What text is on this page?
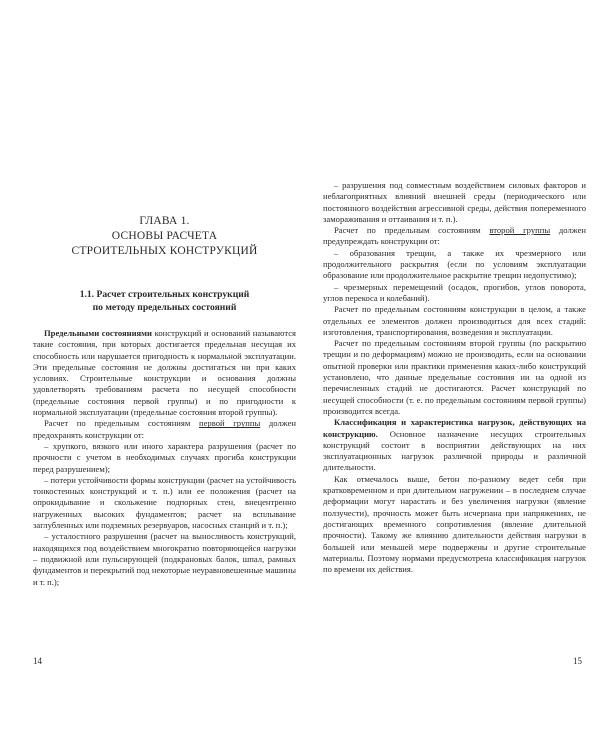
ГЛАВА 1.
ОСНОВЫ РАСЧЕТА
СТРОИТЕЛЬНЫХ КОНСТРУКЦИЙ
1.1. Расчет строительных конструкций
по методу предельных состояний

Предельными состояниями конструкций и оснований называются такие состояния, при которых достигается предельная несущая их способность или нарушается пригодность к нормальной эксплуатации. Эти предельные состояния не должны достигаться ни при каких условиях. Строительные конструкции и основания должны удовлетворять требованиям расчета по несущей способности (предельные состояния первой группы) и по пригодности к нормальной эксплуатации (предельные состояния второй группы).

Расчет по предельным состояниям первой группы должен предохранять конструкции от:

– хрупкого, вязкого или иного характера разрушения (расчет по прочности с учетом в необходимых случаях прогиба конструкции перед разрушением);

– потери устойчивости формы конструкции (расчет на устойчивость тонкостенных конструкций и т. п.) или ее положения (расчет на опрокидывание и скольжение подпорных стен, внецентренно нагруженных высоких фундаментов; расчет на всплывание заглубленных или подземных резервуаров, насосных станций и т. п.);

– усталостного разрушения (расчет на выносливость конструкций, находящихся под воздействием многократно повторяющейся нагрузки – подвижной или пульсирующей (подкрановых балок, шпал, рамных фундаментов и перекрытий под некоторые неуравновешенные машины и т. п.);

14

– разрушения под совместным воздействием силовых факторов и неблагоприятных влияний внешней среды (периодического или постоянного воздействия агрессивной среды, действия попеременного замораживания и оттаивания и т. п.).

Расчет по предельным состояниям второй группы должен предупреждать конструкции от:

– образования трещин, а также их чрезмерного или продолжительного раскрытия (если по условиям эксплуатации образование или продолжительное раскрытие трещин недопустимо);

– чрезмерных перемещений (осадок, прогибов, углов поворота, углов перекоса и колебаний).

Расчет по предельным состояниям конструкции в целом, а также отдельных ее элементов должен производиться для всех стадий: изготовления, транспортирования, возведения и эксплуатации.

Расчет по предельным состояниям второй группы (по раскрытию трещин и по деформациям) можно не производить, если на основании опытной проверки или практики применения каких-либо конструкций установлено, что данные предельные состояния ни на одной из перечисленных стадий не достигаются. Расчет конструкций по несущей способности (т. е. по предельным состояниям первой группы) производится всегда.

Классификация и характеристика нагрузок, действующих на конструкцию. Основное назначение несущих строительных конструкций состоит в восприятии действующих на них эксплуатационных нагрузок различной природы и различной длительности.

Как отмечалось выше, бетон по-разному ведет себя при кратковременном и при длительном нагружении – в последнем случае деформации могут нарастать и без увеличения нагрузки (явление ползучести), прочность может быть исчерпана при напряжениях, не достигающих временного сопротивления (явление длительной прочности). Такому же влиянию длительности действия нагрузки в большей или меньшей мере подвержены и другие строительные материалы. Поэтому нормами предусмотрена классификация нагрузок по времени их действия.

15
